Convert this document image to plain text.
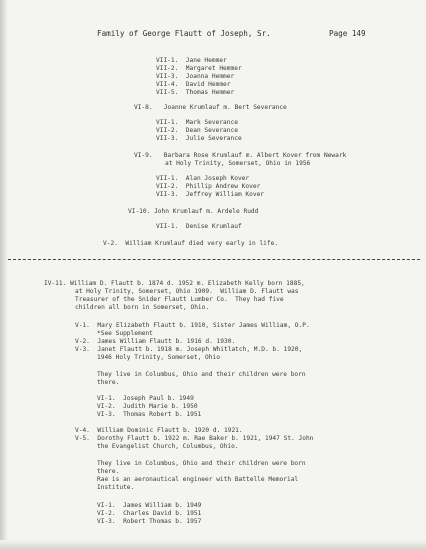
Family of George Flautt of Joseph, Sr.	Page 149
VII-1.  Jane Hemmer
VII-2.  Margaret Hemmer
VII-3.  Joanna Hemmer
VII-4.  David Hemmer
VII-5.  Thomas Hemmer
VI-8.   Joanne Krumlauf m. Bert Severance
VII-1.  Mark Severance
VII-2.  Dean Severance
VII-3.  Julie Severance
VI-9.   Barbara Rose Krumlauf m. Albert Kover from Newark
at Holy Trinity, Somerset, Ohio in 1956
VII-1.  Alan Joseph Kover
VII-2.  Phillip Andrew Kover
VII-3.  Jeffrey William Kover
VI-10. John Krumlauf m. Ardele Rudd
VII-1.  Denise Krumlauf
V-2.  William Krumlauf died very early in life.
IV-11. William D. Flautt b. 1874 d. 1952 m. Elizabeth Kelly born 1885,
at Holy Trinity, Somerset, Ohio 1909.  William D. Flautt was
Treasurer of the Snider Flautt Lumber Co.  They had five
children all born in Somerset, Ohio.
V-1.  Mary Elizabeth Flautt b. 1910, Sister James William, O.P.
*See Supplement
V-2.  James William Flautt b. 1916 d. 1930.
V-3.  Janet Flautt b. 1918 m. Joseph Whitlatch, M.D. b. 1920,
1946 Holy Trinity, Somerset, Ohio
They live in Columbus, Ohio and their children were born
there.
VI-1.  Joseph Paul b. 1949
VI-2.  Judith Marie b. 1950
VI-3.  Thomas Robert b. 1951
V-4.  William Dominic Flautt b. 1920 d. 1921.
V-5.  Dorothy Flautt b. 1922 m. Rae Baker b. 1921, 1947 St. John
the Evangelist Church, Columbus, Ohio.
They live in Columbus, Ohio and their children were born
there.
Rae is an aeronautical engineer with Battelle Memorial
Institute.
VI-1.  James William b. 1949
VI-2.  Charles David b. 1951
VI-3.  Robert Thomas b. 1957
